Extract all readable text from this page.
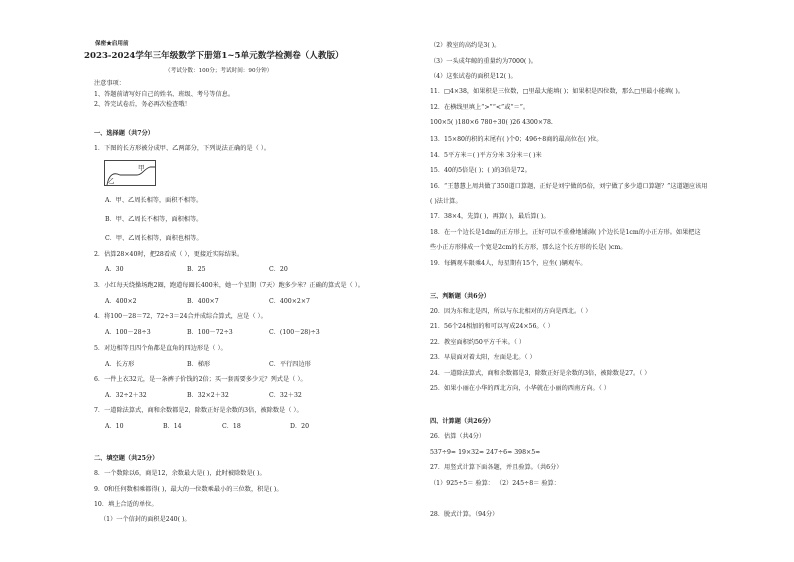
保密★启用前
2023-2024学年三年级数学下册第1~5单元数学检测卷（人教版）
（考试分数：100分；考试时间：90分钟）
注意事项：
1、答题前请写好自己的姓名、班级、考号等信息。
2、答完试卷后，务必再次检查哦！
一、选择题（共7分）
1．下图的长方形被分成甲、乙两部分，下列说法正确的是（ ）。
甲
乙
A．甲、乙周长相等，面积不相等。
B．甲、乙周长不相等，面积相等。
C．甲、乙周长相等，面积也相等。
2．估算28×40时，把28看成（ ），更接近实际结果。
A．30	B．25	C．20
3．小红每天绕操场跑2圈，跑道每圈长400米，她一个星期（7天）跑多少米？正确的算式是（ ）。
A．400×2	B．400×7	C．400×2×7
4．将100－28＝72，72÷3＝24合并成综合算式，应是（ ）。
A．100－28÷3	B．100－72÷3	C．(100－28)÷3
5．对边相等且四个角都是直角的四边形是（ ）。
A．长方形	B．梯形	C．平行四边形
6．一件上衣32元，是一条裤子价钱的2倍；买一套需要多少元？列式是（ ）。
A．32÷2＋32	B．32×2＋32	C．32＋32
7．一道除法算式，商和余数都是2，除数正好是余数的3倍，被除数是（ ）。
A．10	B．14	C．18	D．20
二、填空题（共25分）
8．一个数除以6，商是12，余数最大是( )，此时被除数是( )。
9．0和任何数相乘都得( )，最大的一位数乘最小的三位数，积是( )。
10．填上合适的单位。
（1）一个信封的面积是240( )。
（2）教室的高约是3( )。
（3）一头成年鲸的重量约为7000( )。
（4）这张试卷的面积是12( )。
11．□4×38，如果积是三位数，□里最大能填( )；如果积是四位数，那么□里最小能填( )。
12．在横线里填上“>”“<”或“＝”。
100×5( )180×6 780÷30( )26 4300×78.
13．15×80的积的末尾有( )个0；496÷8商的最高位在( )位。
14．5平方米＝( )平方分米 3分米＝( )米
15．40的5倍是( )；( )的3倍是72。
16．“王慧慧上周共做了350道口算题，正好是刘宁做的5倍，刘宁做了多少道口算题？”这道题应该用
( )法计算。
17．38×4，先算( )，再算( )，最后算( )。
18．在一个边长是1dm的正方形上，正好可以不重叠地铺满( )个边长是1cm的小正方形。如果把这
些小正方形排成一个宽是2cm的长方形，那么这个长方形的长是( )cm。
19．每辆观车限乘4人，每星期有15个，应坐( )辆观车。
三、判断题（共6分）
20．因为东和北是四，所以与东北相对的方向是西北。（ ）
21．56个24相加的和可以写成24×56。（ ）
22．教室面积约50平方千米。（ ）
23．早晨面对着太阳，左面是北。（ ）
24．一道除法算式，商和余数都是3，除数正好是余数的3倍，被除数是27。（ ）
25．如果小丽在小华的西北方向，小华就在小丽的西南方向。（ ）
四、计算题（共26分）
26．估算（共4分）
537÷9≈ 19×32≈ 247÷6≈ 398×5≈
27．用竖式计算下面各题，并且验算。（共6分）
（1）925÷5＝ 验算： （2）245÷8＝ 验算：
28．脱式计算。（94分）
